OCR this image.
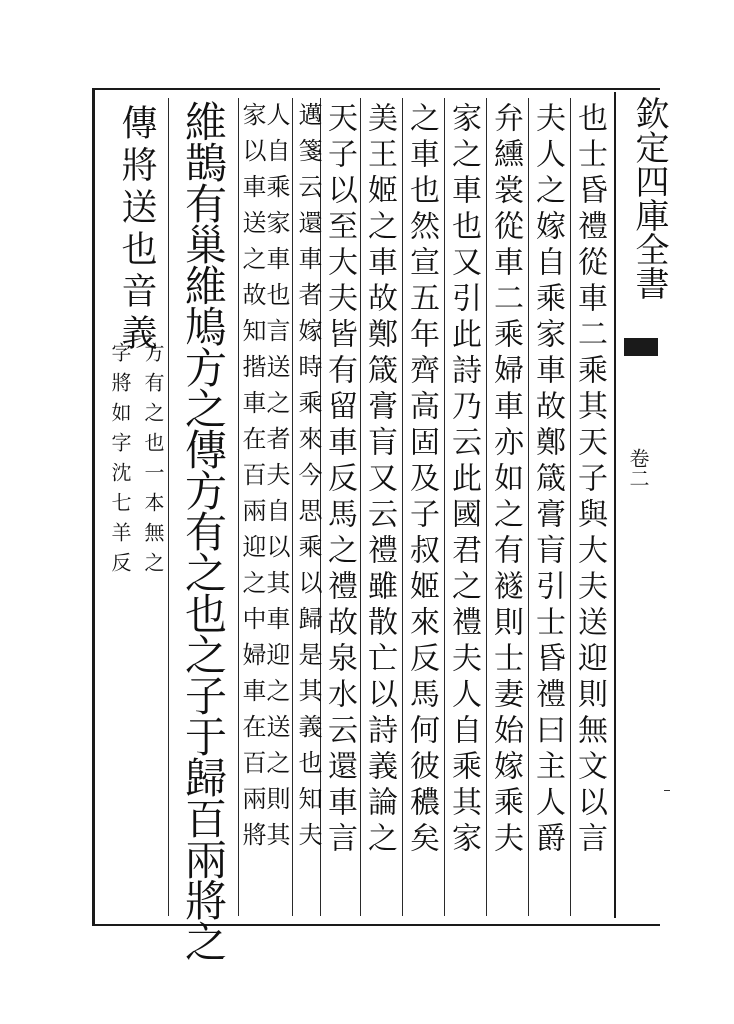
欽定四庫全書
卷二
也士昏禮從車二乘其天子與大夫送迎則無文以言
夫人之嫁自乘家車故鄭箴膏肓引士昏禮曰主人爵
弁纁裳從車二乘婦車亦如之有襚則士妻始嫁乘夫
家之車也又引此詩乃云此國君之禮夫人自乘其家
之車也然宣五年齊高固及子叔姬來反馬何彼穠矣
美王姬之車故鄭箴膏肓又云禮雖散亡以詩義論之
天子以至大夫皆有留車反馬之禮故泉水云還車言
邁箋云還車者嫁時乘來今思乘以歸是其義也知夫
人自乘家車也言送之者夫自以其車迎之送之則其
家以車送之故知揩車在百兩迎之中婦車在百兩將
維鵲有巢維鳩方之傳方有之也之子于歸百兩將之
傳將送也音義
方有之也一本無之
字將如字沈七羊反
